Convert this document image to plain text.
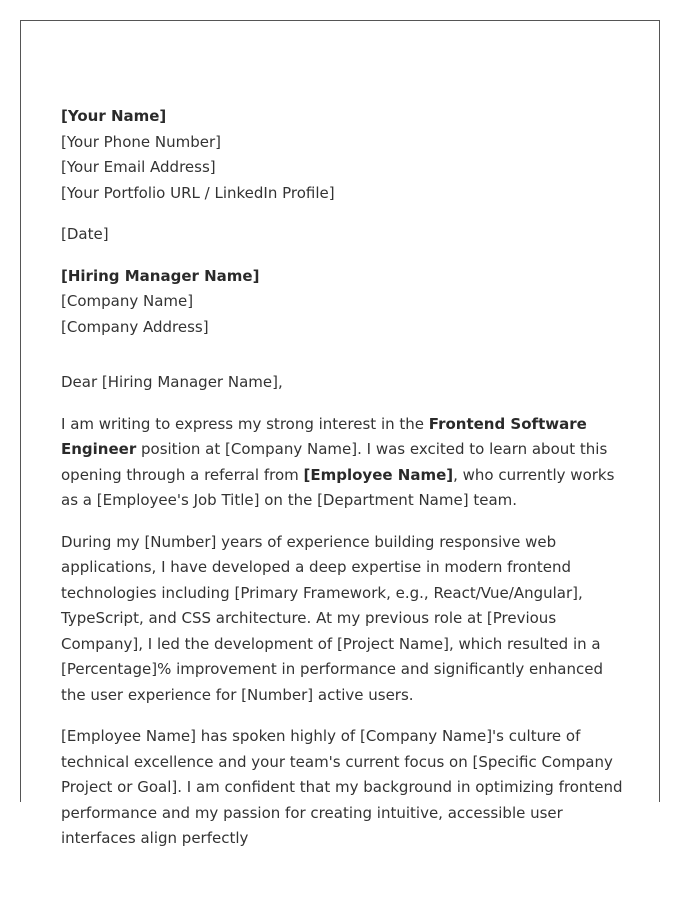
[Your Name]
[Your Phone Number]
[Your Email Address]
[Your Portfolio URL / LinkedIn Profile]
[Date]
[Hiring Manager Name]
[Company Name]
[Company Address]
Dear [Hiring Manager Name],

I am writing to express my strong interest in the Frontend Software Engineer position at [Company Name]. I was excited to learn about this opening through a referral from [Employee Name], who currently works as a [Employee's Job Title] on the [Department Name] team.

During my [Number] years of experience building responsive web applications, I have developed a deep expertise in modern frontend technologies including [Primary Framework, e.g., React/Vue/Angular], TypeScript, and CSS architecture. At my previous role at [Previous Company], I led the development of [Project Name], which resulted in a [Percentage]% improvement in performance and significantly enhanced the user experience for [Number] active users.

[Employee Name] has spoken highly of [Company Name]'s culture of technical excellence and your team's current focus on [Specific Company Project or Goal]. I am confident that my background in optimizing frontend performance and my passion for creating intuitive, accessible user interfaces align perfectly
